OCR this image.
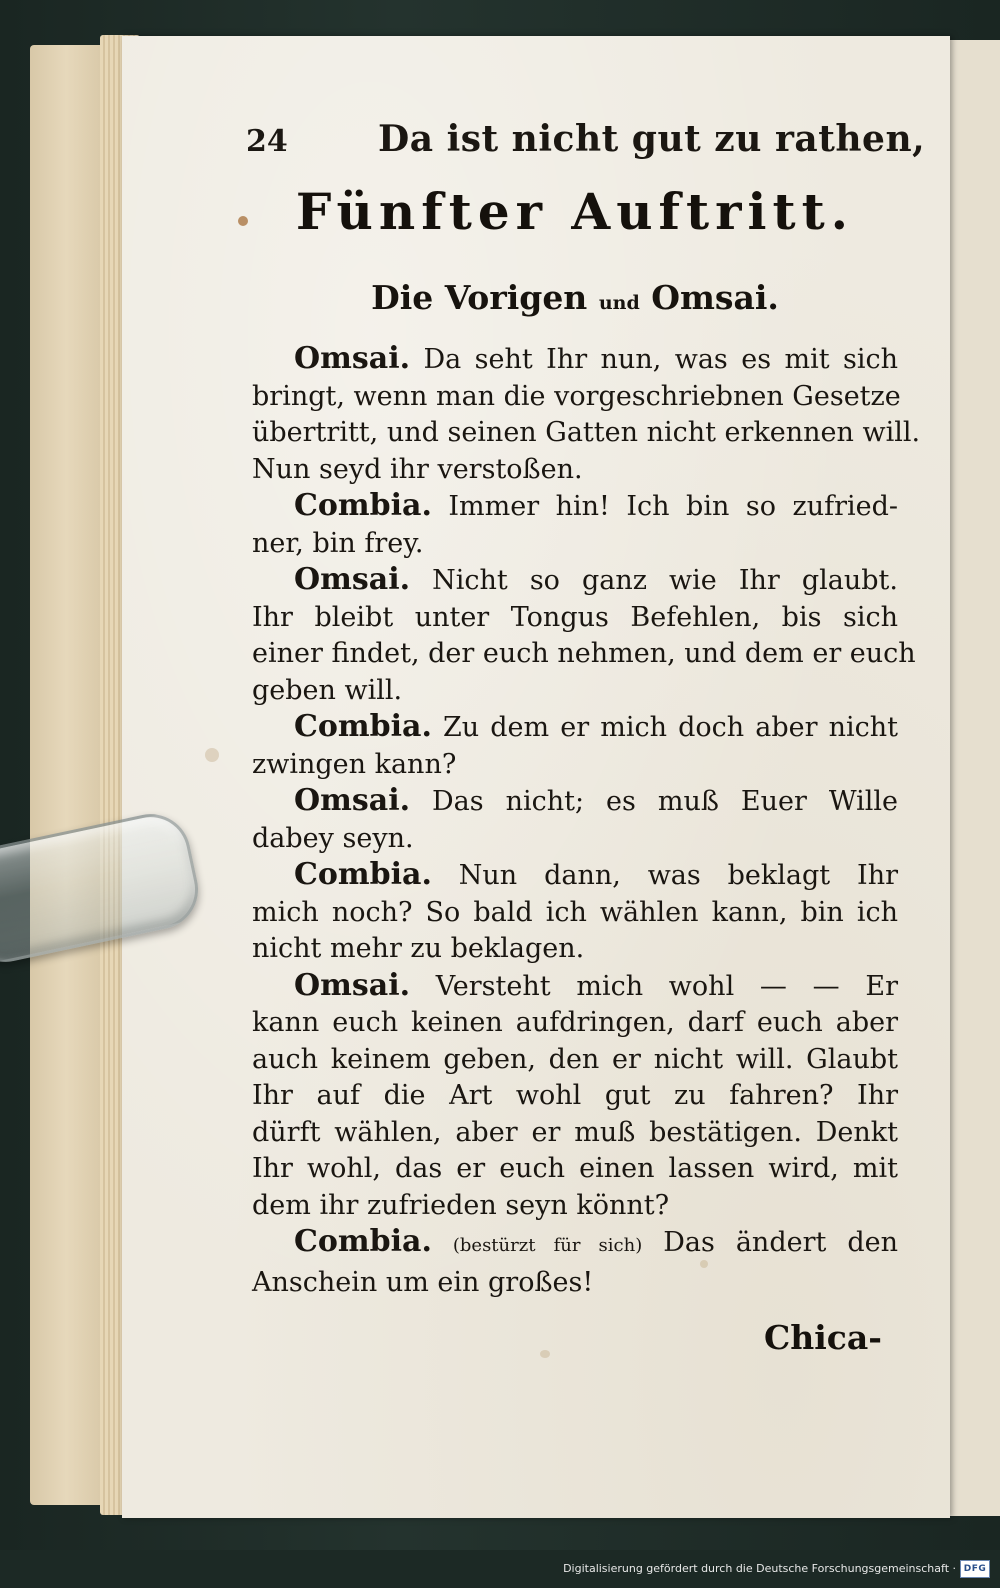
24	Da ist nicht gut zu rathen,
Fünfter Auftritt.
Die Vorigen und Omsai.

Omsai. Da seht Ihr nun, was es mit sich
bringt, wenn man die vorgeschriebnen Gesetze
übertritt, und seinen Gatten nicht erkennen will.
Nun seyd ihr verstoßen.

Combia. Immer hin! Ich bin so zufried-
ner, bin frey.

Omsai. Nicht so ganz wie Ihr glaubt.
Ihr bleibt unter Tongus Befehlen, bis sich
einer findet, der euch nehmen, und dem er euch
geben will.

Combia. Zu dem er mich doch aber nicht
zwingen kann?

Omsai. Das nicht; es muß Euer Wille
dabey seyn.

Combia. Nun dann, was beklagt Ihr
mich noch? So bald ich wählen kann, bin ich
nicht mehr zu beklagen.

Omsai. Versteht mich wohl — — Er
kann euch keinen aufdringen, darf euch aber
auch keinem geben, den er nicht will. Glaubt
Ihr auf die Art wohl gut zu fahren? Ihr
dürft wählen, aber er muß bestätigen. Denkt
Ihr wohl, das er euch einen lassen wird, mit
dem ihr zufrieden seyn könnt?

Combia. (bestürzt für sich) Das ändert den
Anschein um ein großes!

Chica-
Digitalisierung gefördert durch die Deutsche Forschungsgemeinschaft · DFG
